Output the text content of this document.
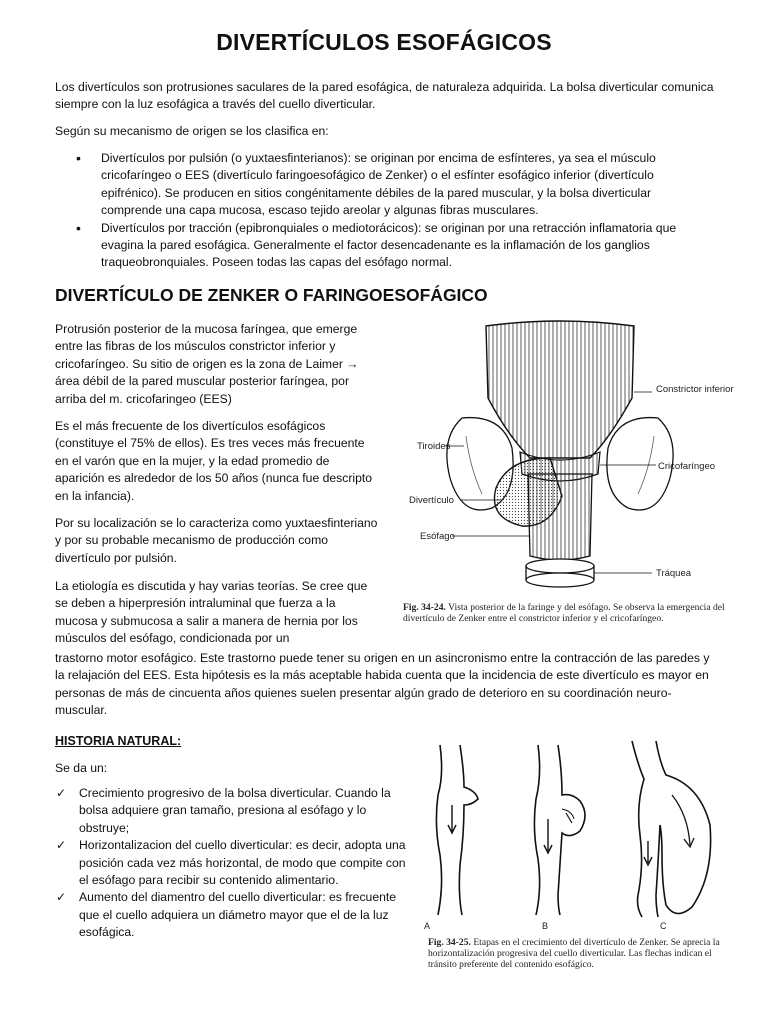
DIVERTÍCULOS ESOFÁGICOS

Los divertículos son protrusiones saculares de la pared esofágica, de naturaleza adquirida. La bolsa diverticular comunica siempre con la luz esofágica a través del cuello diverticular.

Según su mecanismo de origen se los clasifica en:

• Divertículos por pulsión (o yuxtaesfinterianos): se originan por encima de esfínteres, ya sea el músculo cricofaríngeo o EES (divertículo faringoesofágico de Zenker) o el esfínter esofágico inferior (divertículo epifrénico). Se producen en sitios congénitamente débiles de la pared muscular, y la bolsa diverticular comprende una capa mucosa, escaso tejido areolar y algunas fibras musculares.
• Divertículos por tracción (epibronquiales o mediotorácicos): se originan por una retracción inflamatoria que evagina la pared esofágica. Generalmente el factor desencadenante es la inflamación de los ganglios traqueobronquiales. Poseen todas las capas del esófago normal.
DIVERTÍCULO DE ZENKER O FARINGOESOFÁGICO

Protrusión posterior de la mucosa faríngea, que emerge entre las fibras de los músculos constrictor inferior y cricofaríngeo. Su sitio de origen es la zona de Laimer → área débil de la pared muscular posterior faríngea, por arriba del m. cricofaringeo (EES)

Es el más frecuente de los divertículos esofágicos (constituye el 75% de ellos). Es tres veces más frecuente en el varón que en la mujer, y la edad promedio de aparición es alrededor de los 50 años (nunca fue descripto en la infancia).

Por su localización se lo caracteriza como yuxtaesfinteriano y por su probable mecanismo de producción como divertículo por pulsión.

La etiología es discutida y hay varias teorías. Se cree que se deben a hiperpresión intraluminal que fuerza a la mucosa y submucosa a salir a manera de hernia por los músculos del esófago, condicionada por un

trastorno motor esofágico. Este trastorno puede tener su origen en un asincronismo entre la contracción de las paredes y la relajación del EES. Esta hipótesis es la más aceptable habida cuenta que la incidencia de este divertículo es mayor en personas de más de cincuenta años quienes suelen presentar algún grado de deterioro en su coordinación neuro- muscular.

HISTORIA NATURAL:

Se da un:

✓ Crecimiento progresivo de la bolsa diverticular. Cuando la bolsa adquiere gran tamaño, presiona al esófago y lo obstruye;
✓ Horizontalizacion del cuello diverticular: es decir, adopta una posición cada vez más horizontal, de modo que compite con el esófago para recibir su contenido alimentario.
✓ Aumento del diamentro del cuello diverticular: es frecuente que el cuello adquiera un diámetro mayor que el de la luz esofágica.
Constrictor inferior
Tiroides
Cricofaríngeo
Divertículo
Esófago
Tráquea
Fig. 34-24. Vista posterior de la faringe y del esófago. Se observa la emergencia del divertículo de Zenker entre el constrictor inferior y el cricofaríngeo.
A	B	C
Fig. 34-25. Etapas en el crecimiento del divertículo de Zenker. Se aprecia la horizontalización progresiva del cuello diverticular. Las flechas indican el tránsito preferente del contenido esofágico.
